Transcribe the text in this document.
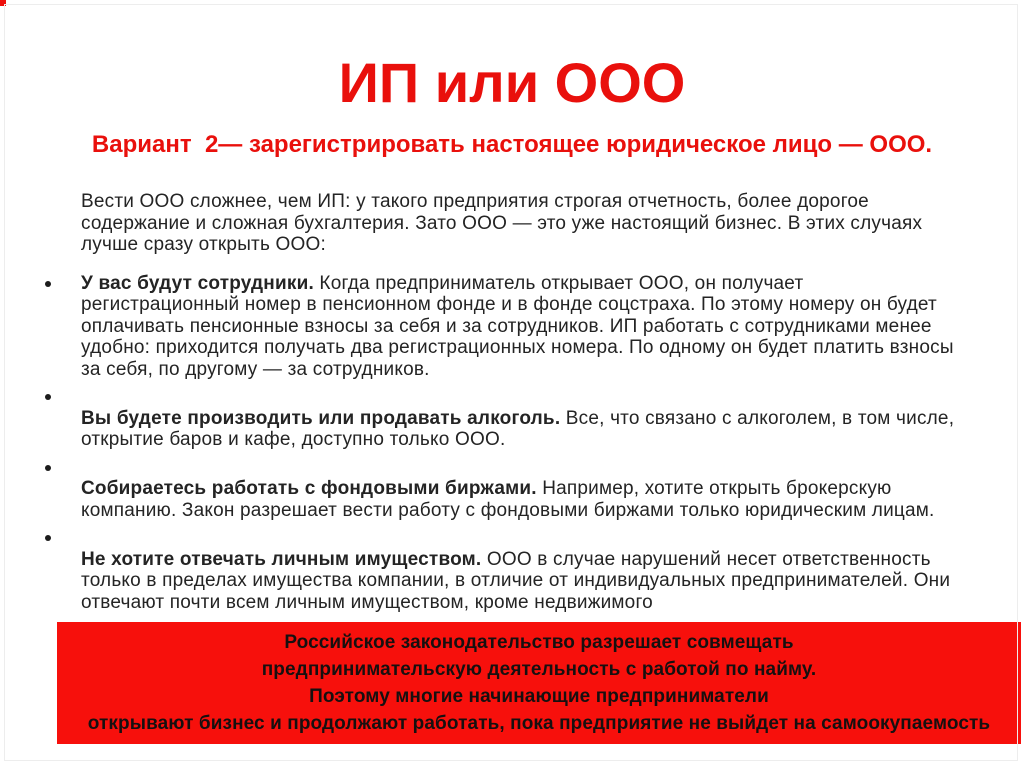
ИП или ООО
Вариант  2— зарегистрировать настоящее юридическое лицо — ООО.

Вести ООО сложнее, чем ИП: у такого предприятия строгая отчетность, более дорогое содержание и сложная бухгалтерия. Зато ООО — это уже настоящий бизнес. В этих случаях лучше сразу открыть ООО:

У вас будут сотрудники. Когда предприниматель открывает ООО, он получает регистрационный номер в пенсионном фонде и в фонде соцстраха. По этому номеру он будет оплачивать пенсионные взносы за себя и за сотрудников. ИП работать с сотрудниками менее удобно: приходится получать два регистрационных номера. По одному он будет платить взносы за себя, по другому — за сотрудников.
Вы будете производить или продавать алкоголь. Все, что связано с алкоголем, в том числе, открытие баров и кафе, доступно только ООО.
Собираетесь работать с фондовыми биржами. Например, хотите открыть брокерскую компанию. Закон разрешает вести работу с фондовыми биржами только юридическим лицам.
Не хотите отвечать личным имуществом. ООО в случае нарушений несет ответственность только в пределах имущества компании, в отличие от индивидуальных предпринимателей. Они отвечают почти всем личным имуществом, кроме недвижимого
Российское законодательство разрешает совмещать
предпринимательскую деятельность с работой по найму.
Поэтому многие начинающие предприниматели
открывают бизнес и продолжают работать, пока предприятие не выйдет на самоокупаемость
